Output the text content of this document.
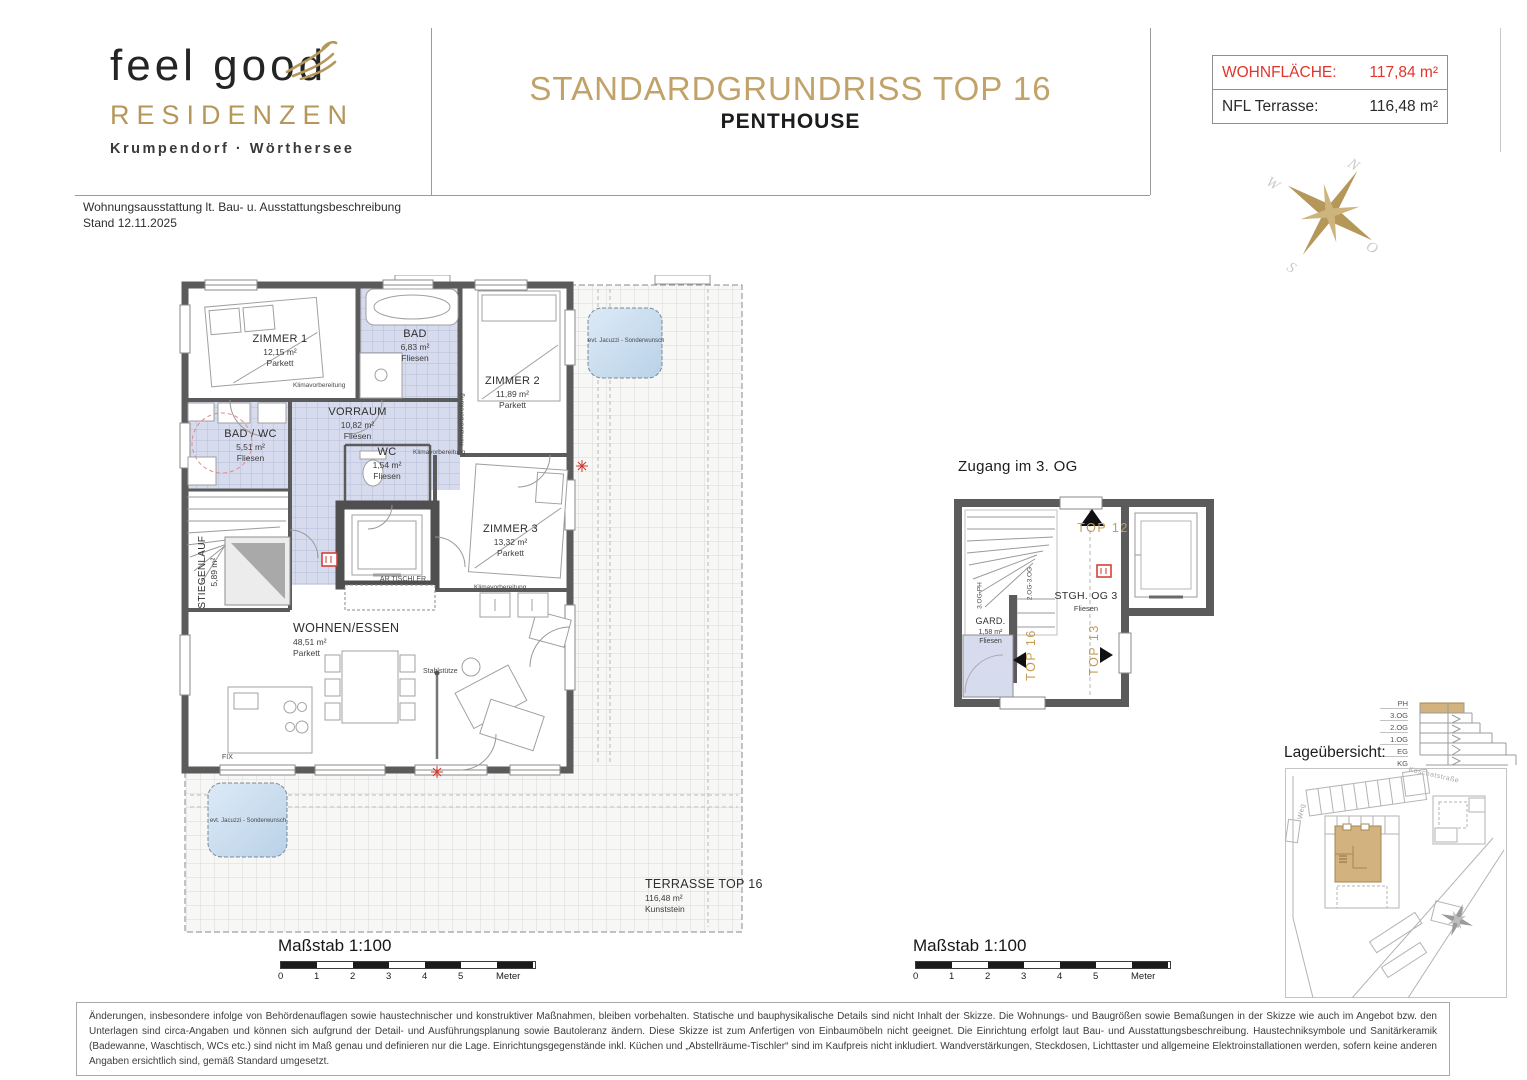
feel good
RESIDENZEN
Krumpendorf · Wörthersee
STANDARDGRUNDRISS TOP 16
PENTHOUSE
WOHNFLÄCHE: 117,84 m²
NFL Terrasse:	116,48 m²
Wohnungsausstattung lt. Bau- u. Ausstattungsbeschreibung
Stand 12.11.2025
N
O
S
W
ZIMMER 1
12,15 m²
Parkett
BAD
6,83 m²
Fliesen
ZIMMER 2
11,89 m²
Parkett
VORRAUM
10,82 m²
Fliesen
BAD / WC
5,51 m²
Fliesen	WC
1,54 m²
Fliesen
ZIMMER 3
13,32 m²
Parkett
WOHNEN/ESSEN
48,51 m²
Parkett
STIEGENLAUF 5,89 m²
TERRASSE TOP 16
116,48 m²
Kunststein
Klimavorbereitung
Klimavorbereitung
Klimavorbereitung
Klimavorbereitung
AR TISCHLER
Stahlstütze
FIX
evt. Jacuzzi - Sonderwunsch
evt. Jacuzzi - Sonderwunsch
Zugang im 3. OG
TOP 12
TOP 16	TOP 13
STGH. OG 3
Fliesen
GARD.
1,58 m²
Fliesen
3.OG-PH	2.OG-3.OG
Maßstab 1:100
0	1	2	3	4	5	Meter
Maßstab 1:100
0	1	2	3	4	5	Meter
PH
3.OG
2.OG
1.OG
EG
KG
Lageübersicht:
Koschatstraße
Weg
Änderungen, insbesondere infolge von Behördenauflagen sowie haustechnischer und konstruktiver Maßnahmen, bleiben vorbehalten. Statische und bauphysikalische Details sind nicht Inhalt der Skizze. Die Wohnungs- und Baugrößen sowie Bemaßungen in der Skizze wie auch im Angebot bzw. den Unterlagen sind circa-Angaben und können sich aufgrund der Detail- und Ausführungsplanung sowie Bautoleranz ändern. Diese Skizze ist zum Anfertigen von Einbaumöbeln nicht geeignet. Die Einrichtung erfolgt laut Bau- und Ausstattungsbeschreibung. Haustechniksymbole und Sanitärkeramik (Badewanne, Waschtisch, WCs etc.) sind nicht im Maß genau und definieren nur die Lage. Einrichtungsgegenstände inkl. Küchen und „Abstellräume-Tischler“ sind im Kaufpreis nicht inkludiert. Wandverstärkungen, Steckdosen, Lichttaster und allgemeine Elektroinstallationen werden, sofern keine anderen Angaben ersichtlich sind, gemäß Standard umgesetzt.
